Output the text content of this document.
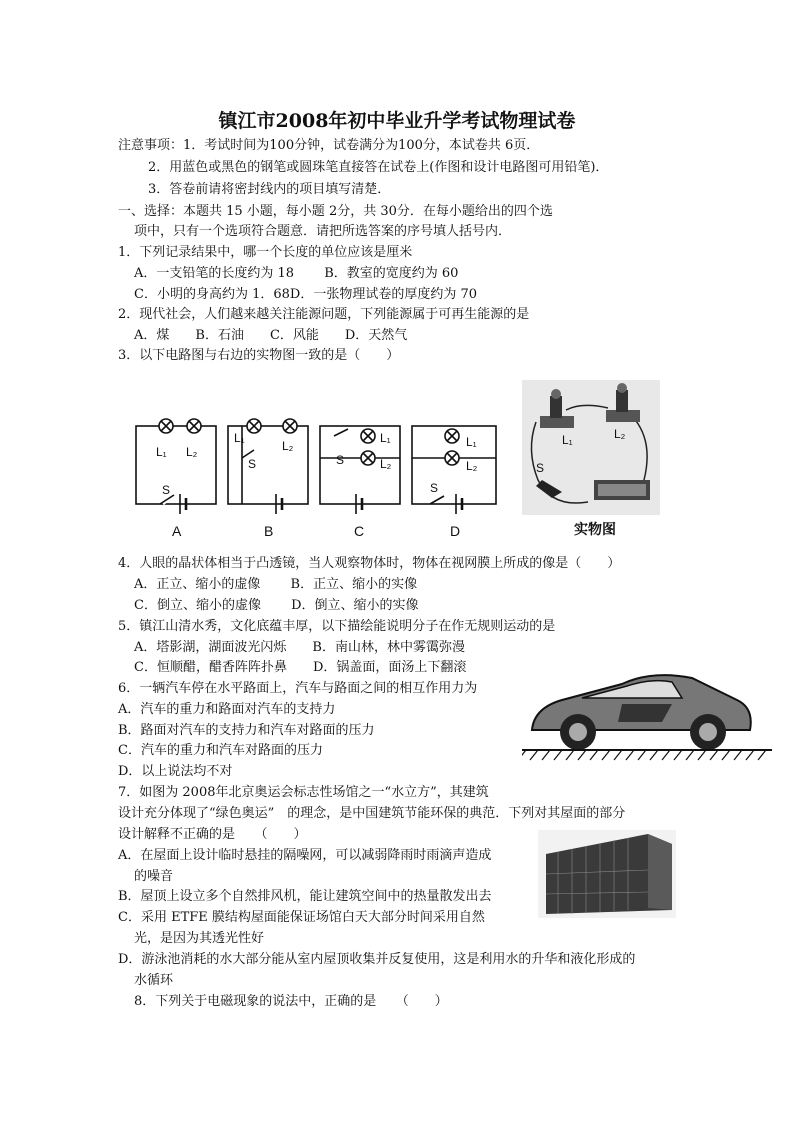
镇江市2008年初中毕业升学考试物理试卷
注意事项：1．考试时间为100分钟，试卷满分为100分，本试卷共 6页．
2．用蓝色或黑色的钢笔或圆珠笔直接答在试卷上(作图和设计电路图可用铅笔)．
3．答卷前请将密封线内的项目填写清楚．
一、选择：本题共 15 小题，每小题 2分，共 30分．在每小题给出的四个选
项中，只有一个选项符合题意．请把所选答案的序号填人括号内．
1．下列记录结果中，哪一个长度的单位应该是厘米
A．一支铅笔的长度约为 18　　 B．教室的宽度约为 60
C．小明的身高约为 1．68D．一张物理试卷的厚度约为 70
2．现代社会，人们越来越关注能源问题，下列能源属于可再生能源的是
A．煤　　B．石油　　C．风能　　D．天然气
3．以下电路图与右边的实物图一致的是（　　）
L₁ L₂
S
L₁
L₂
S
L₁
L₂
S
L₁
L₂
S
A	B	C	D
L₁	L₂
S
实物图
4．人眼的晶状体相当于凸透镜，当人观察物体时，物体在视网膜上所成的像是（　　）
A．正立、缩小的虚像　　 B．正立、缩小的实像
C．倒立、缩小的虚像　　 D．倒立、缩小的实像
5．镇江山清水秀，文化底蕴丰厚，以下描绘能说明分子在作无规则运动的是
A．塔影湖，湖面波光闪烁　　B．南山林，林中雾霭弥漫
C．恒顺醋，醋香阵阵扑鼻　　D．锅盖面，面汤上下翻滚
6．一辆汽车停在水平路面上，汽车与路面之间的相互作用力为
A．汽车的重力和路面对汽车的支持力
B．路面对汽车的支持力和汽车对路面的压力
C．汽车的重力和汽车对路面的压力
D．以上说法均不对
7．如图为 2008年北京奥运会标志性场馆之一“水立方”，其建筑
设计充分体现了“绿色奥运”　的理念，是中国建筑节能环保的典范．下列对其屋面的部分
设计解释不正确的是　　（　　）
A．在屋面上设计临时悬挂的隔噪网，可以减弱降雨时雨滴声造成
的噪音
B．屋顶上设立多个自然排风机，能让建筑空间中的热量散发出去
C．采用 ETFE 膜结构屋面能保证场馆白天大部分时间采用自然
光，是因为其透光性好
D．游泳池消耗的水大部分能从室内屋顶收集并反复使用，这是利用水的升华和液化形成的
水循环
8．下列关于电磁现象的说法中，正确的是　　（　　）
